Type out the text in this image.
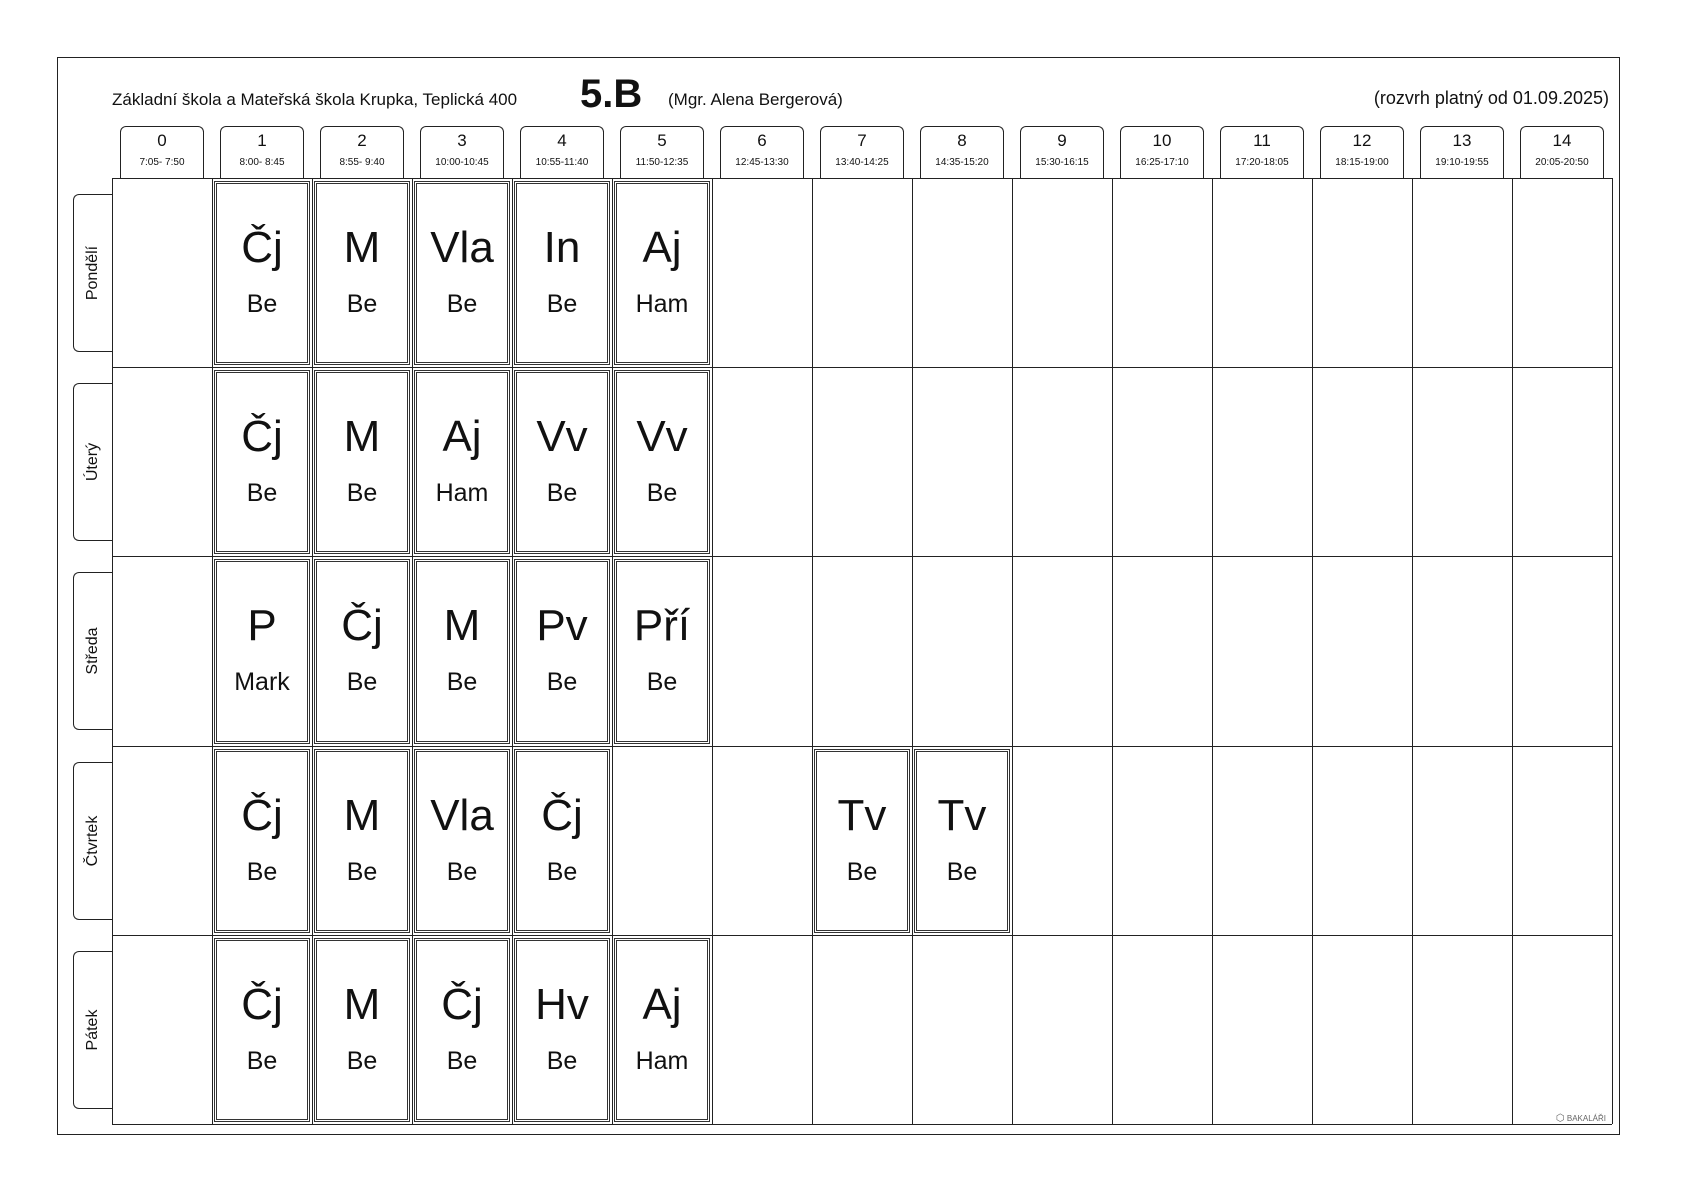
Základní škola a Mateřská škola Krupka, Teplická 400 5.B (Mgr. Alena Bergerová)	(rozvrh platný od 01.09.2025)
0
7:05- 7:50
1
8:00- 8:45
2
8:55- 9:40
3
10:00-10:45
4
10:55-11:40
5
11:50-12:35
6
12:45-13:30
7
13:40-14:25
8
14:35-15:20
9
15:30-16:15
10
16:25-17:10
11
17:20-18:05
12
18:15-19:00
13
19:10-19:55
14
20:05-20:50
Pondělí
Úterý
Středa
Čtvrtek
Pátek
Čj
Be
M
Be
Vla
Be
In
Be
Aj
Ham
Čj
Be
M
Be
Aj
Ham
Vv
Be
Vv
Be
P
Mark
Čj
Be
M
Be
Pv
Be
Pří
Be
Čj
Be
M
Be
Vla
Be
Čj
Be
Tv
Be
Tv
Be
Čj
Be
M
Be
Čj
Be
Hv
Be
Aj
Ham
⬡ BAKALÁŘI
